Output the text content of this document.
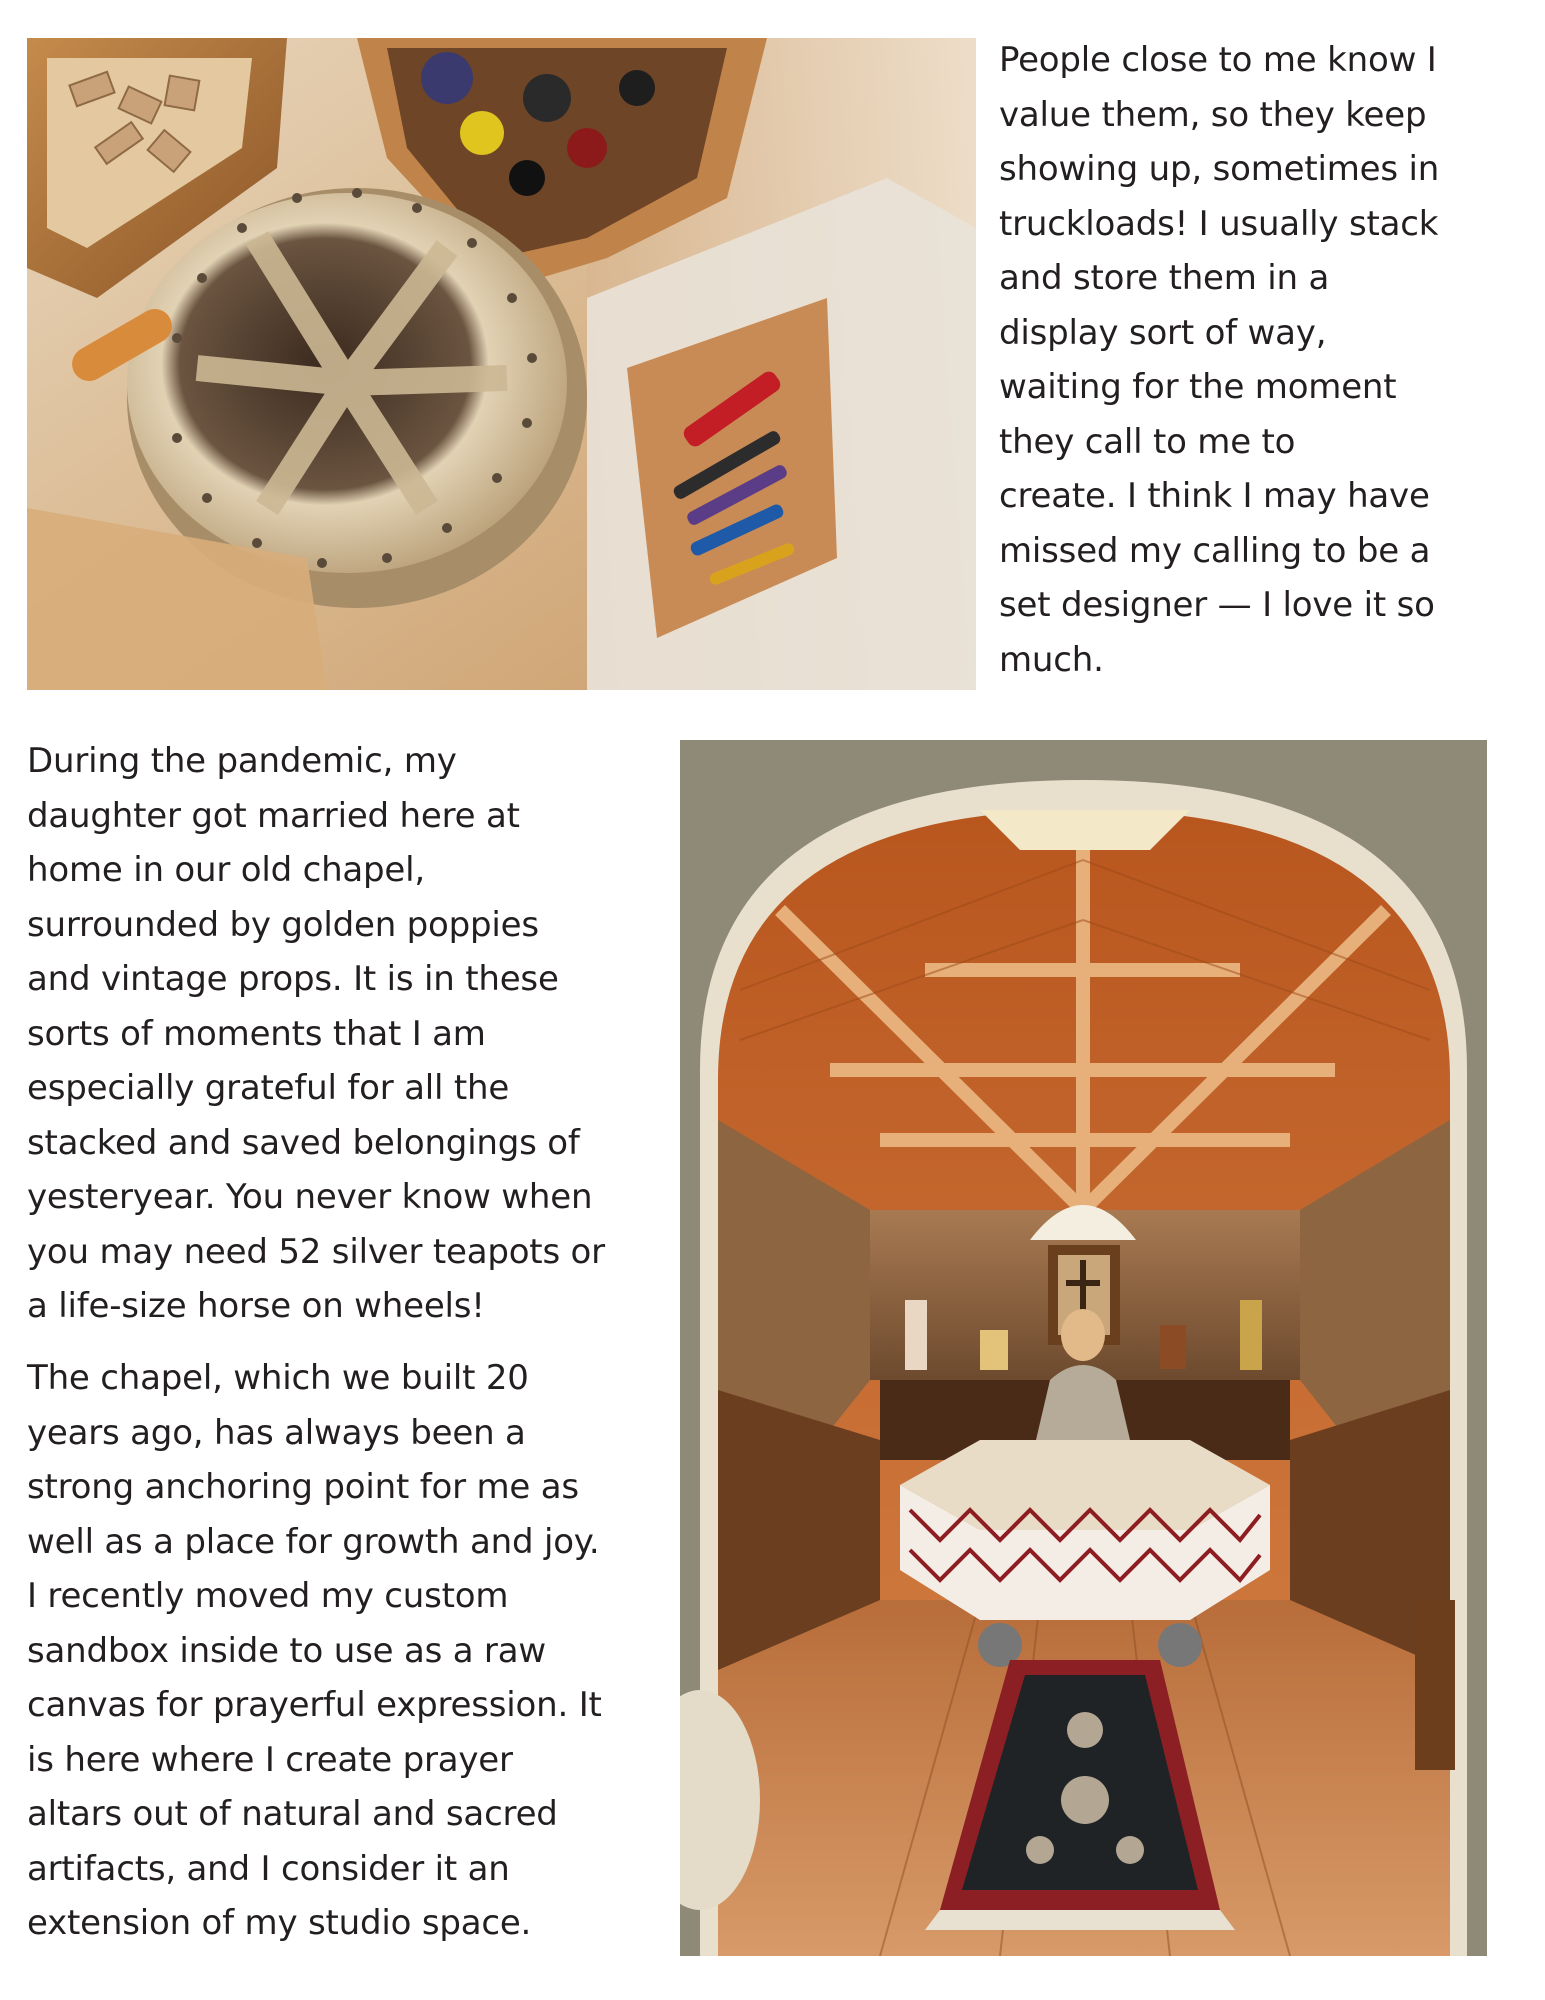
People close to me know I
value them, so they keep
showing up, sometimes in
truckloads! I usually stack
and store them in a
display sort of way,
waiting for the moment
they call to me to
create. I think I may have
missed my calling to be a
set designer — I love it so
much.

During the pandemic, my
daughter got married here at
home in our old chapel,
surrounded by golden poppies
and vintage props. It is in these
sorts of moments that I am
especially grateful for all the
stacked and saved belongings of
yesteryear. You never know when
you may need 52 silver teapots or
a life-size horse on wheels!

The chapel, which we built 20
years ago, has always been a
strong anchoring point for me as
well as a place for growth and joy.
I recently moved my custom
sandbox inside to use as a raw
canvas for prayerful expression. It
is here where I create prayer
altars out of natural and sacred
artifacts, and I consider it an
extension of my studio space.
